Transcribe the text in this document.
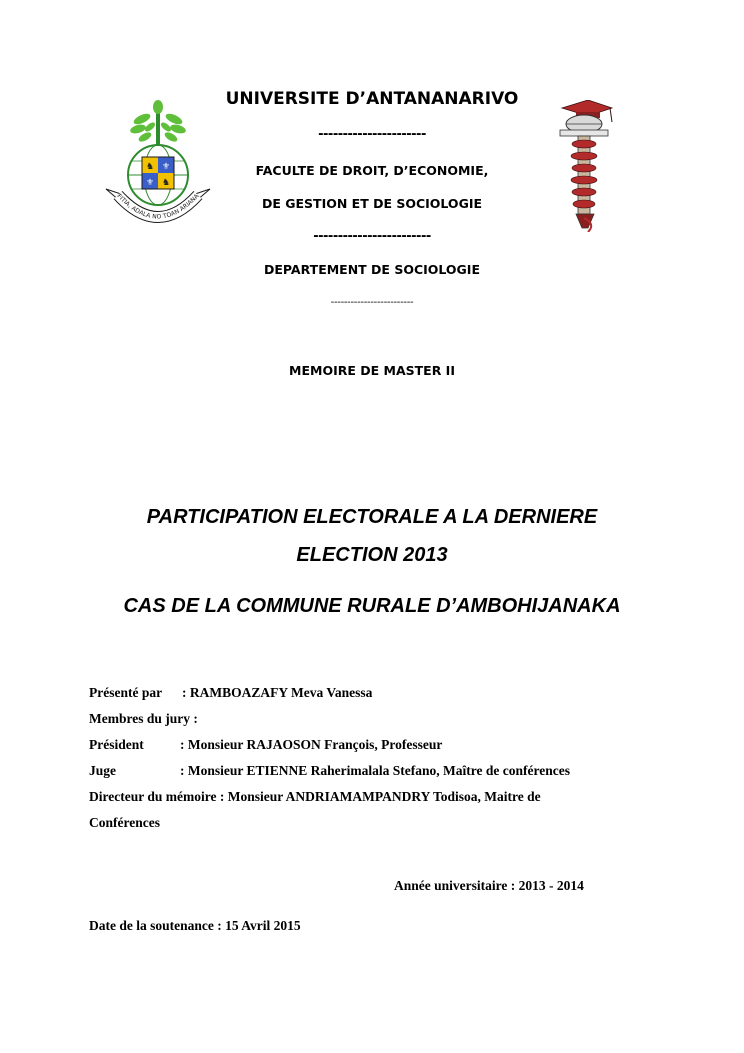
♞ ⚜
⚜ ♞
FITIA, ADALA NO TOAN ARIANA

UNIVERSITE D’ANTANANARIVO

----------------------

FACULTE DE DROIT, D’ECONOMIE,

DE GESTION ET DE SOCIOLOGIE

------------------------

DEPARTEMENT DE SOCIOLOGIE

-------------------------

MEMOIRE DE MASTER II

PARTICIPATION ELECTORALE A LA DERNIERE

ELECTION 2013

CAS DE LA COMMUNE RURALE D’AMBOHIJANAKA

Présenté par : RAMBOAZAFY Meva Vanessa

Membres du jury :

Président	: Monsieur RAJAOSON François, Professeur

Juge	: Monsieur ETIENNE Raherimalala Stefano, Maître de conférences

Directeur du mémoire : Monsieur ANDRIAMAMPANDRY Todisoa, Maitre de

Conférences

Année universitaire : 2013 - 2014

Date de la soutenance : 15 Avril 2015
